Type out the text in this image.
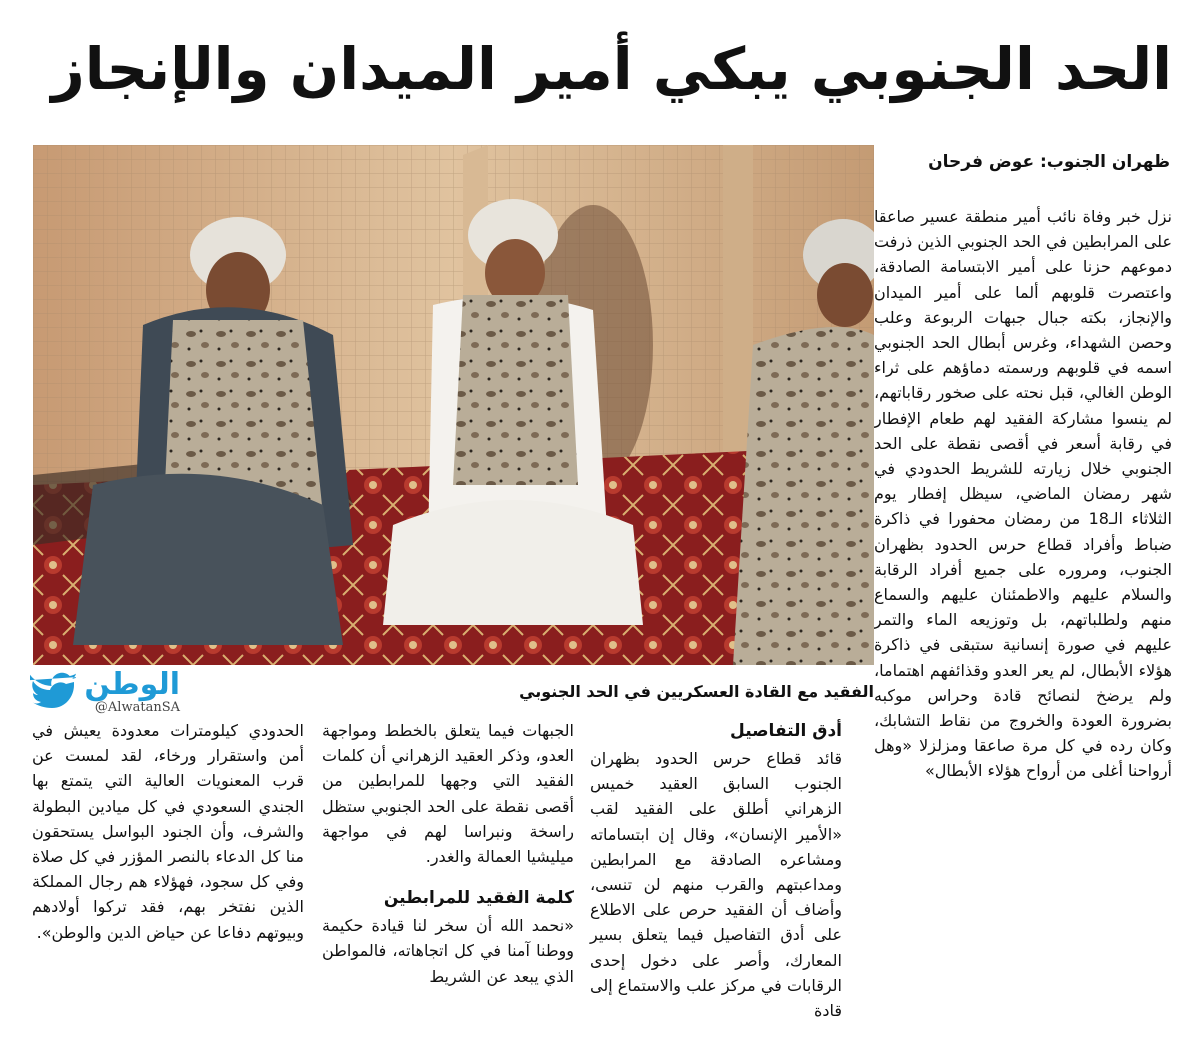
الحد الجنوبي يبكي أمير الميدان والإنجاز
ظهران الجنوب: عوض فرحان

نزل خبر وفاة نائب أمير منطقة عسير صاعقا على المرابطين في الحد الجنوبي الذين ذرفت دموعهم حزنا على أمير الابتسامة الصادقة، واعتصرت قلوبهم ألما على أمير الميدان والإنجاز، بكته جبال جبهات الربوعة وعلب وحصن الشهداء، وغرس أبطال الحد الجنوبي اسمه في قلوبهم ورسمته دماؤهم على ثراء الوطن الغالي، قبل نحته على صخور رقاباتهم، لم ينسوا مشاركة الفقيد لهم طعام الإفطار في رقابة أسعر في أقصى نقطة على الحد الجنوبي خلال زيارته للشريط الحدودي في شهر رمضان الماضي، سيظل إفطار يوم الثلاثاء الـ18 من رمضان محفورا في ذاكرة ضباط وأفراد قطاع حرس الحدود بظهران الجنوب، ومروره على جميع أفراد الرقابة والسلام عليهم والاطمئنان عليهم والسماع منهم ولطلباتهم، بل وتوزيعه الماء والتمر عليهم في صورة إنسانية ستبقى في ذاكرة هؤلاء الأبطال، لم يعر العدو وقذائفهم اهتماما، ولم يرضخ لنصائح قادة وحراس موكبه بضرورة العودة والخروج من نقاط التشابك، وكان رده في كل مرة صاعقا ومزلزلا «وهل أرواحنا أغلى من أرواح هؤلاء الأبطال»

الفقيد مع القادة العسكريين في الحد الجنوبي
الوطن
@AlwatanSA
أدق التفاصيل

قائد قطاع حرس الحدود بظهران الجنوب السابق العقيد خميس الزهراني أطلق على الفقيد لقب «الأمير الإنسان»، وقال إن ابتساماته ومشاعره الصادقة مع المرابطين ومداعبتهم والقرب منهم لن تنسى، وأضاف أن الفقيد حرص على الاطلاع على أدق التفاصيل فيما يتعلق بسير المعارك، وأصر على دخول إحدى الرقابات في مركز علب والاستماع إلى قادة

الجبهات فيما يتعلق بالخطط ومواجهة العدو، وذكر العقيد الزهراني أن كلمات الفقيد التي وجهها للمرابطين من أقصى نقطة على الحد الجنوبي ستظل راسخة ونبراسا لهم في مواجهة ميليشيا العمالة والغدر.

كلمة الفقيد للمرابطين

«نحمد الله أن سخر لنا قيادة حكيمة ووطنا آمنا في كل اتجاهاته، فالمواطن الذي يبعد عن الشريط

الحدودي كيلومترات معدودة يعيش في أمن واستقرار ورخاء، لقد لمست عن قرب المعنويات العالية التي يتمتع بها الجندي السعودي في كل ميادين البطولة والشرف، وأن الجنود البواسل يستحقون منا كل الدعاء بالنصر المؤزر في كل صلاة وفي كل سجود، فهؤلاء هم رجال المملكة الذين نفتخر بهم، فقد تركوا أولادهم وبيوتهم دفاعا عن حياض الدين والوطن».
